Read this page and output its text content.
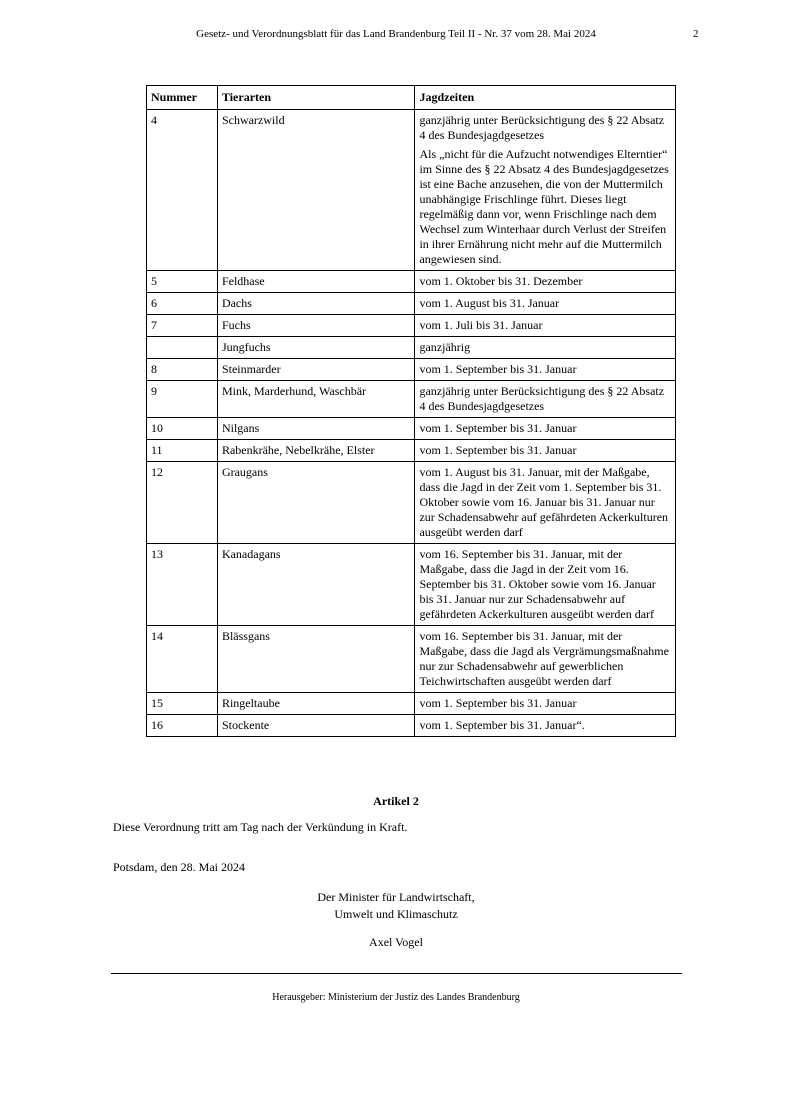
Gesetz- und Verordnungsblatt für das Land Brandenburg Teil II - Nr. 37 vom 28. Mai 2024	2
Nummer	Tierarten	Jagdzeiten
4	Schwarzwild	ganzjährig unter Berücksichtigung des § 22 Absatz 4 des Bundesjagdgesetzes

Als „nicht für die Aufzucht notwendiges Elterntier“ im Sinne des § 22 Absatz 4 des Bundesjagdgesetzes ist eine Bache anzusehen, die von der Muttermilch unabhängige Frischlinge führt. Dieses liegt regelmäßig dann vor, wenn Frischlinge nach dem Wechsel zum Winterhaar durch Verlust der Streifen in ihrer Ernährung nicht mehr auf die Muttermilch angewiesen sind.

5	Feldhase	vom 1. Oktober bis 31. Dezember
6	Dachs	vom 1. August bis 31. Januar
7	Fuchs	vom 1. Juli bis 31. Januar
	Jungfuchs	ganzjährig
8	Steinmarder	vom 1. September bis 31. Januar
9	Mink, Marderhund, Waschbär	ganzjährig unter Berücksichtigung des § 22 Absatz 4 des Bundesjagdgesetzes
10	Nilgans	vom 1. September bis 31. Januar
11	Rabenkrähe, Nebelkrähe, Elster	vom 1. September bis 31. Januar
12	Graugans	vom 1. August bis 31. Januar, mit der Maßgabe, dass die Jagd in der Zeit vom 1. September bis 31. Oktober sowie vom 16. Januar bis 31. Januar nur zur Schadensabwehr auf gefährdeten Ackerkulturen ausgeübt werden darf
13	Kanadagans	vom 16. September bis 31. Januar, mit der Maßgabe, dass die Jagd in der Zeit vom 16. September bis 31. Oktober sowie vom 16. Januar bis 31. Januar nur zur Schadensabwehr auf gefährdeten Ackerkulturen ausgeübt werden darf
14	Blässgans	vom 16. September bis 31. Januar, mit der Maßgabe, dass die Jagd als Vergrämungsmaßnahme nur zur Schadensabwehr auf gewerblichen Teichwirtschaften ausgeübt werden darf
15	Ringeltaube	vom 1. September bis 31. Januar
16	Stockente	vom 1. September bis 31. Januar“.
Artikel 2
Diese Verordnung tritt am Tag nach der Verkündung in Kraft.
Potsdam, den 28. Mai 2024
Der Minister für Landwirtschaft,
Umwelt und Klimaschutz
Axel Vogel
Herausgeber: Ministerium der Justiz des Landes Brandenburg
